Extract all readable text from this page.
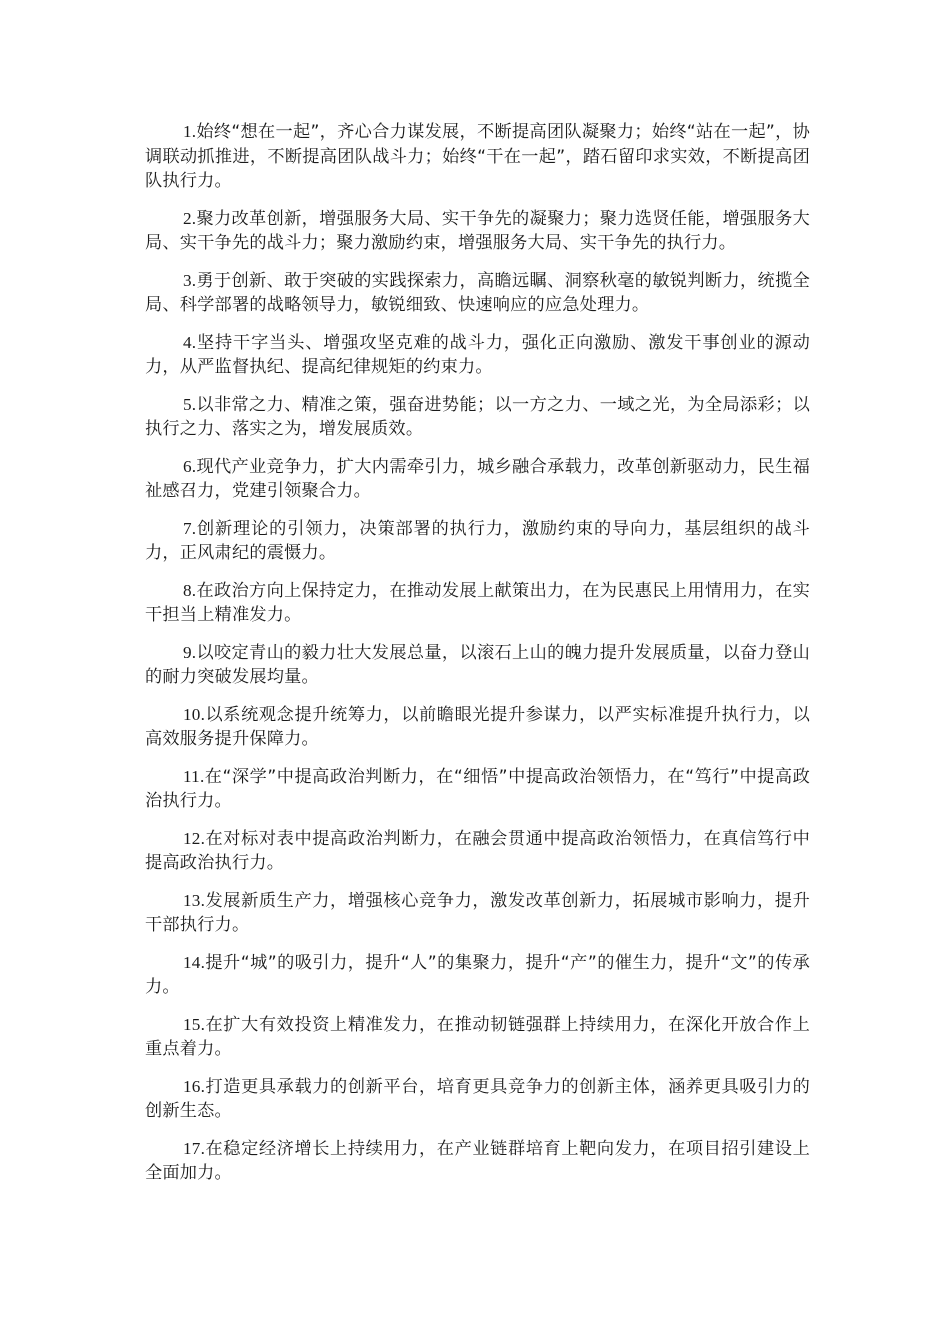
1.始终“想在一起”，齐心合力谋发展，不断提高团队凝聚力；始终“站在一起”，协调联动抓推进，不断提高团队战斗力；始终“干在一起”，踏石留印求实效，不断提高团队执行力。

2.聚力改革创新，增强服务大局、实干争先的凝聚力；聚力选贤任能，增强服务大局、实干争先的战斗力；聚力激励约束，增强服务大局、实干争先的执行力。

3.勇于创新、敢于突破的实践探索力，高瞻远瞩、洞察秋毫的敏锐判断力，统揽全局、科学部署的战略领导力，敏锐细致、快速响应的应急处理力。

4.坚持干字当头、增强攻坚克难的战斗力，强化正向激励、激发干事创业的源动力，从严监督执纪、提高纪律规矩的约束力。

5.以非常之力、精准之策，强奋进势能；以一方之力、一域之光，为全局添彩；以执行之力、落实之为，增发展质效。

6.现代产业竞争力，扩大内需牵引力，城乡融合承载力，改革创新驱动力，民生福祉感召力，党建引领聚合力。

7.创新理论的引领力，决策部署的执行力，激励约束的导向力，基层组织的战斗力，正风肃纪的震慑力。

8.在政治方向上保持定力，在推动发展上献策出力，在为民惠民上用情用力，在实干担当上精准发力。

9.以咬定青山的毅力壮大发展总量，以滚石上山的魄力提升发展质量，以奋力登山的耐力突破发展均量。

10.以系统观念提升统筹力，以前瞻眼光提升参谋力，以严实标准提升执行力，以高效服务提升保障力。

11.在“深学”中提高政治判断力，在“细悟”中提高政治领悟力，在“笃行”中提高政治执行力。

12.在对标对表中提高政治判断力，在融会贯通中提高政治领悟力，在真信笃行中提高政治执行力。

13.发展新质生产力，增强核心竞争力，激发改革创新力，拓展城市影响力，提升干部执行力。

14.提升“城”的吸引力，提升“人”的集聚力，提升“产”的催生力，提升“文”的传承力。

15.在扩大有效投资上精准发力，在推动韧链强群上持续用力，在深化开放合作上重点着力。

16.打造更具承载力的创新平台，培育更具竞争力的创新主体，涵养更具吸引力的创新生态。

17.在稳定经济增长上持续用力，在产业链群培育上靶向发力，在项目招引建设上全面加力。
